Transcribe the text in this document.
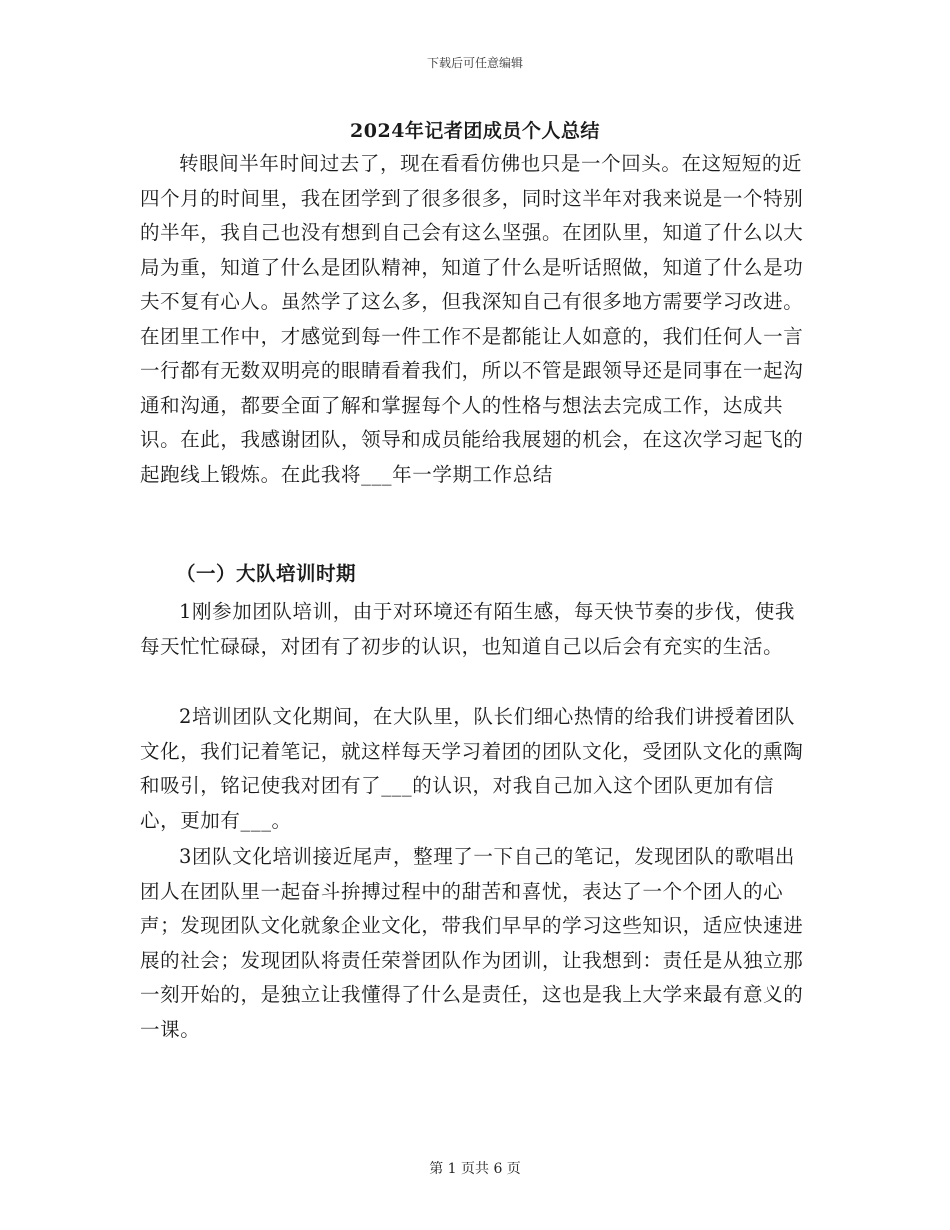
下载后可任意编辑
2024年记者团成员个人总结

转眼间半年时间过去了，现在看看仿佛也只是一个回头。在这短短的近四个月的时间里，我在团学到了很多很多，同时这半年对我来说是一个特别的半年，我自己也没有想到自己会有这么坚强。在团队里，知道了什么以大局为重，知道了什么是团队精神，知道了什么是听话照做，知道了什么是功夫不复有心人。虽然学了这么多，但我深知自己有很多地方需要学习改进。在团里工作中，才感觉到每一件工作不是都能让人如意的，我们任何人一言一行都有无数双明亮的眼睛看着我们，所以不管是跟领导还是同事在一起沟通和沟通，都要全面了解和掌握每个人的性格与想法去完成工作，达成共识。在此，我感谢团队，领导和成员能给我展翅的机会，在这次学习起飞的起跑线上锻炼。在此我将___年一学期工作总结

（一）大队培训时期

1刚参加团队培训，由于对环境还有陌生感，每天快节奏的步伐，使我每天忙忙碌碌，对团有了初步的认识，也知道自己以后会有充实的生活。

2培训团队文化期间，在大队里，队长们细心热情的给我们讲授着团队文化，我们记着笔记，就这样每天学习着团的团队文化，受团队文化的熏陶和吸引，铭记使我对团有了___的认识，对我自己加入这个团队更加有信心，更加有___。

3团队文化培训接近尾声，整理了一下自己的笔记，发现团队的歌唱出团人在团队里一起奋斗拚搏过程中的甜苦和喜忧，表达了一个个团人的心声；发现团队文化就象企业文化，带我们早早的学习这些知识，适应快速进展的社会；发现团队将责任荣誉团队作为团训，让我想到：责任是从独立那一刻开始的，是独立让我懂得了什么是责任，这也是我上大学来最有意义的一课。

第 1 页共 6 页
